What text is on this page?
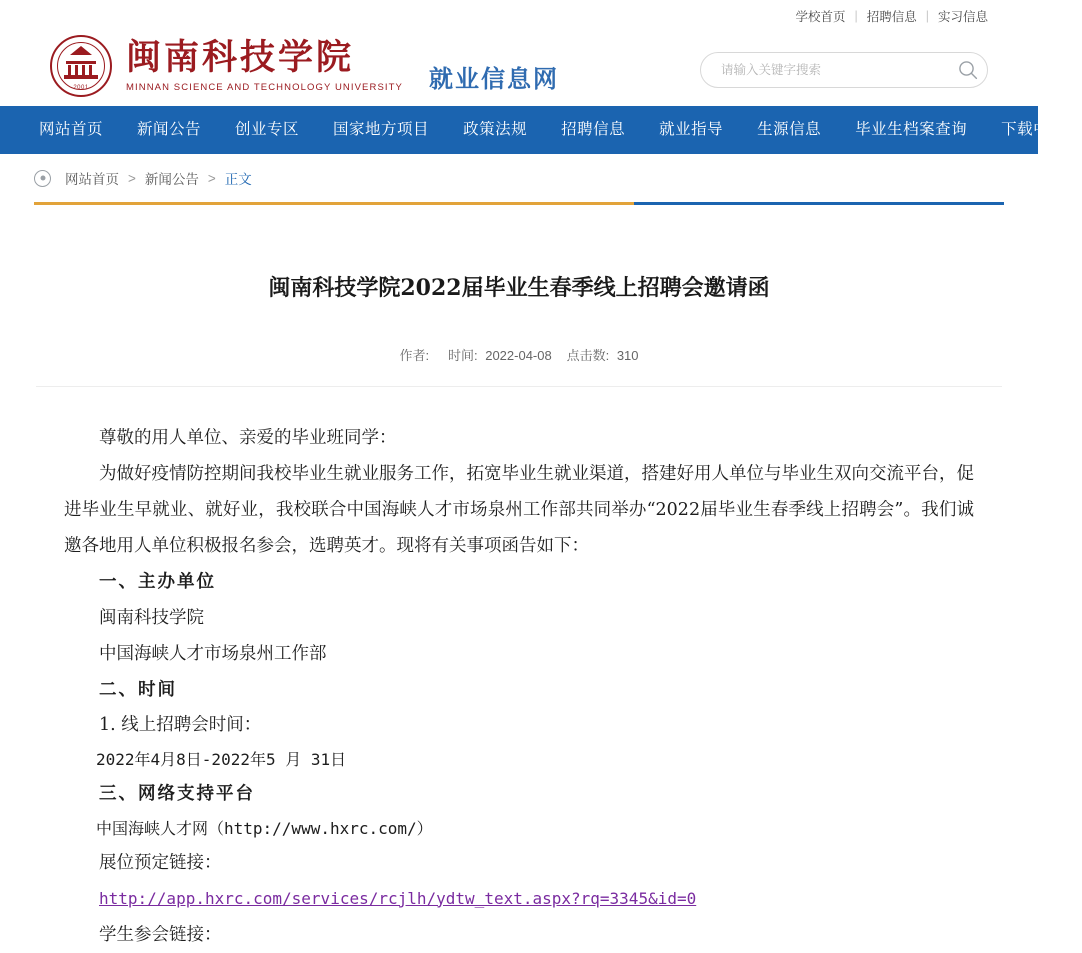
学校首页 | 招聘信息 | 实习信息
2001
闽南科技学院
MINNAN SCIENCE AND TECHNOLOGY UNIVERSITY 就业信息网
请输入关键字搜索
网站首页	新闻公告	创业专区	国家地方项目	政策法规	招聘信息	就业指导	生源信息	毕业生档案查询	下载中心
网站首页 > 新闻公告 > 正文
闽南科技学院2022届毕业生春季线上招聘会邀请函
作者: 时间: 2022-04-08 点击数: 310

尊敬的用人单位、亲爱的毕业班同学：

为做好疫情防控期间我校毕业生就业服务工作，拓宽毕业生就业渠道，搭建好用人单位与毕业生双向交流平台，促进毕业生早就业、就好业，我校联合中国海峡人才市场泉州工作部共同举办“2022届毕业生春季线上招聘会”。我们诚邀各地用人单位积极报名参会，选聘英才。现将有关事项函告如下：

一、主办单位

闽南科技学院

中国海峡人才市场泉州工作部

二、时间

1. 线上招聘会时间：

2022年4月8日-2022年5 月 31日

三、网络支持平台

中国海峡人才网（http://www.hxrc.com/）

展位预定链接：

http://app.hxrc.com/services/rcjlh/ydtw_text.aspx?rq=3345&id=0

学生参会链接：
